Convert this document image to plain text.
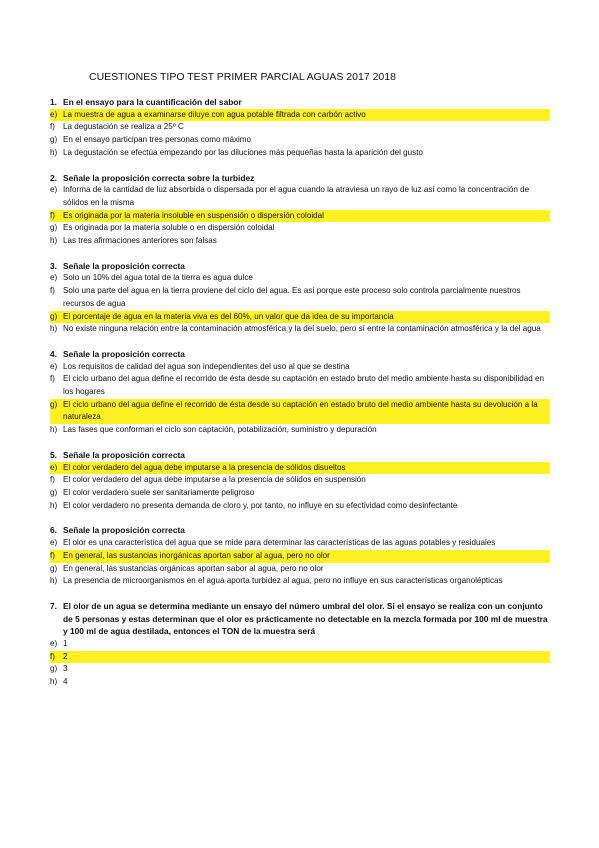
CUESTIONES TIPO TEST PRIMER PARCIAL AGUAS 2017 2018
1. En el ensayo para la cuantificación del sabor
e) La muestra de agua a examinarse diluye con agua potable filtrada con carbón activo
f) La degustación se realiza a 25º C
g) En el ensayo participan tres personas como máximo
h) La degustación se efectúa empezando por las diluciones más pequeñas hasta la aparición del gusto
2. Señale la proposición correcta sobre la turbidez
e) Informa de la cantidad de luz absorbida o dispersada por el agua cuando la atraviesa un rayo de luz así como la concentración de sólidos en la misma
f) Es originada por la materia insoluble en suspensión o dispersión coloidal
g) Es originada por la materia soluble o en dispersión coloidal
h) Las tres afirmaciones anteriores son falsas
3. Señale la proposición correcta
e) Solo un 10% del agua total de la tierra es agua dulce
f) Solo una parte del agua en la tierra proviene del ciclo del agua. Es así porque este proceso solo controla parcialmente nuestros recursos de agua
g) El porcentaje de agua en la materia viva es del 60%, un valor que da idea de su importancia
h) No existe ninguna relación entre la contaminación atmosférica y la del suelo, pero sí entre la contaminación atmosférica y la del agua
4. Señale la proposición correcta
e) Los requisitos de calidad del agua son independientes del uso al que se destina
f) El ciclo urbano del agua define el recorrido de ésta desde su captación en estado bruto del medio ambiente hasta su disponibilidad en los hogares
g) El ciclo urbano del agua define el recorrido de ésta desde su captación en estado bruto del medio ambiente hasta su devolución a la naturaleza
h) Las fases que conforman el ciclo son captación, potabilización, suministro y depuración
5. Señale la proposición correcta
e) El color verdadero del agua debe imputarse a la presencia de sólidos disueltos
f) El color verdadero del agua debe imputarse a la presencia de sólidos en suspensión
g) El color verdadero suele ser sanitariamente peligroso
h) El color verdadero no presenta demanda de cloro y, por tanto, no influye en su efectividad como desinfectante
6. Señale la proposición correcta
e) El olor es una característica del agua que se mide para determinar las características de las aguas potables y residuales
f) En general, las sustancias inorgánicas aportan sabor al agua, pero no olor
g) En general, las sustancias orgánicas aportan sabor al agua, pero no olor
h) La presencia de microorganismos en el agua aporta turbidez al agua, pero no influye en sus características organolépticas
7. El olor de un agua se determina mediante un ensayo del número umbral del olor. Si el ensayo se realiza con un conjunto de 5 personas y estas determinan que el olor es prácticamente no detectable en la mezcla formada por 100 ml de muestra y 100 ml de agua destilada, entonces el TON de la muestra será
e) 1
f) 2
g) 3
h) 4
